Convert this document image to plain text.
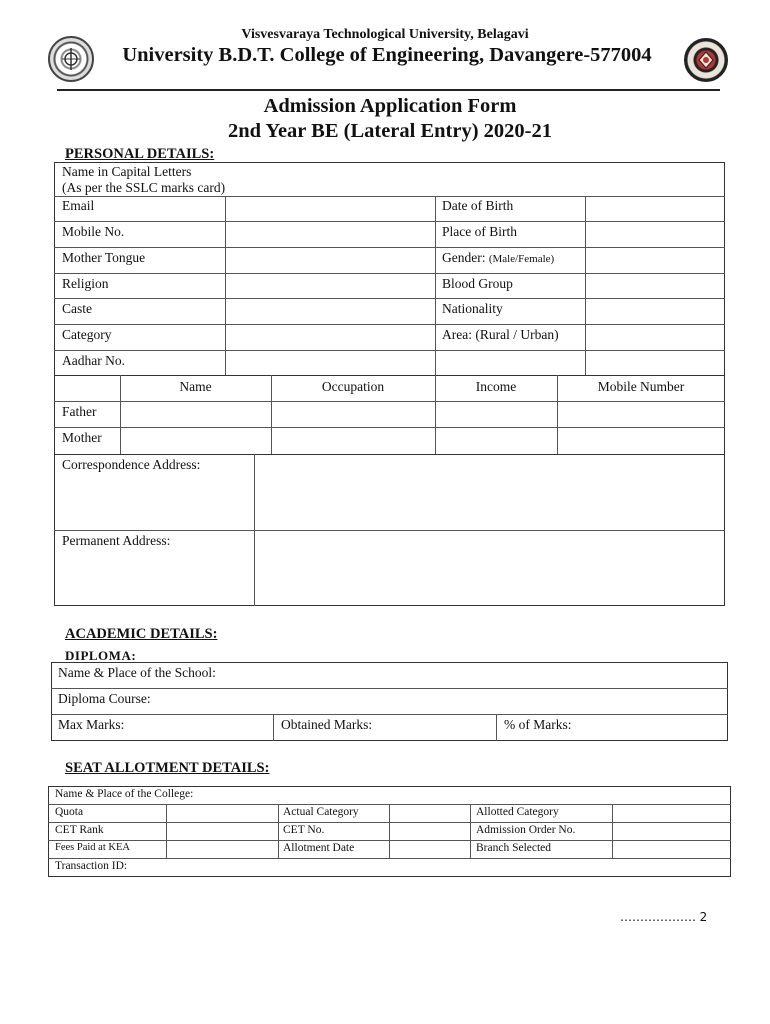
Visvesvaraya Technological University, Belagavi
University B.D.T. College of Engineering, Davangere-577004
Admission Application Form
2nd Year BE (Lateral Entry) 2020-21
PERSONAL DETAILS:
Name in Capital Letters
(As per the SSLC marks card)
Email	Date of Birth
Mobile No.	Place of Birth
Mother Tongue	Gender: (Male/Female)
Religion	Blood Group
Caste	Nationality
Category	Area: (Rural / Urban)
Aadhar No.
Name	Occupation	Income	Mobile Number
Father
Mother
Correspondence Address:
Permanent Address:
ACADEMIC DETAILS:
DIPLOMA:
Name & Place of the School:
Diploma Course:
Max Marks:	Obtained Marks:	% of Marks:
SEAT ALLOTMENT DETAILS:
Name & Place of the College:
Quota	Actual Category	Allotted Category
CET Rank	CET No.	Admission Order No.
Fees Paid at KEA	Allotment Date	Branch Selected
Transaction ID:
………………. 2
